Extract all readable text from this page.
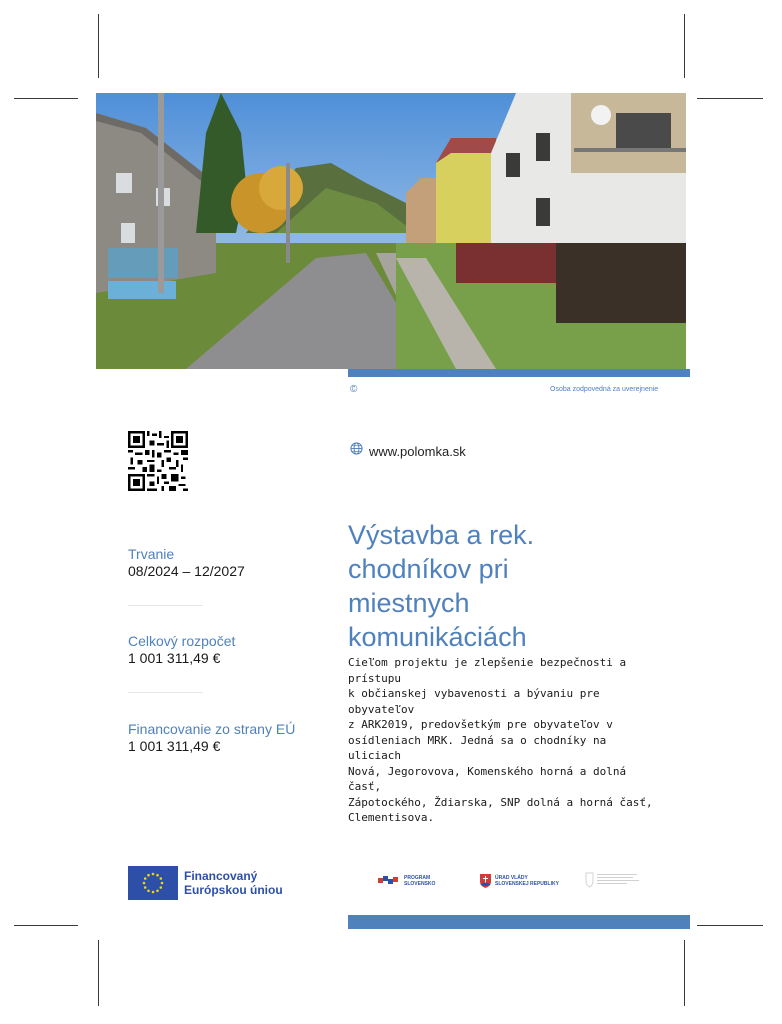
©	Osoba zodpovedná za uverejnenie
www.polomka.sk
Trvanie
08/2024 – 12/2027
Celkový rozpočet
1 001 311,49 €
Financovanie zo strany EÚ
1 001 311,49 €
Výstavba a rek.
chodníkov pri
miestnych
komunikáciách
Cieľom projektu je zlepšenie bezpečnosti a prístupu
k občianskej vybavenosti a bývaniu pre obyvateľov
z ARK2019, predovšetkým pre obyvateľov v
osídleniach MRK. Jedná sa o chodníky na uliciach
Nová, Jegorovova, Komenského horná a dolná časť,
Zápotockého, Ždiarska, SNP dolná a horná časť,
Clementisova.
Financovaný
Európskou úniou
PROGRAM
SLOVENSKO
ÚRAD VLÁDY
SLOVENSKEJ REPUBLIKY
